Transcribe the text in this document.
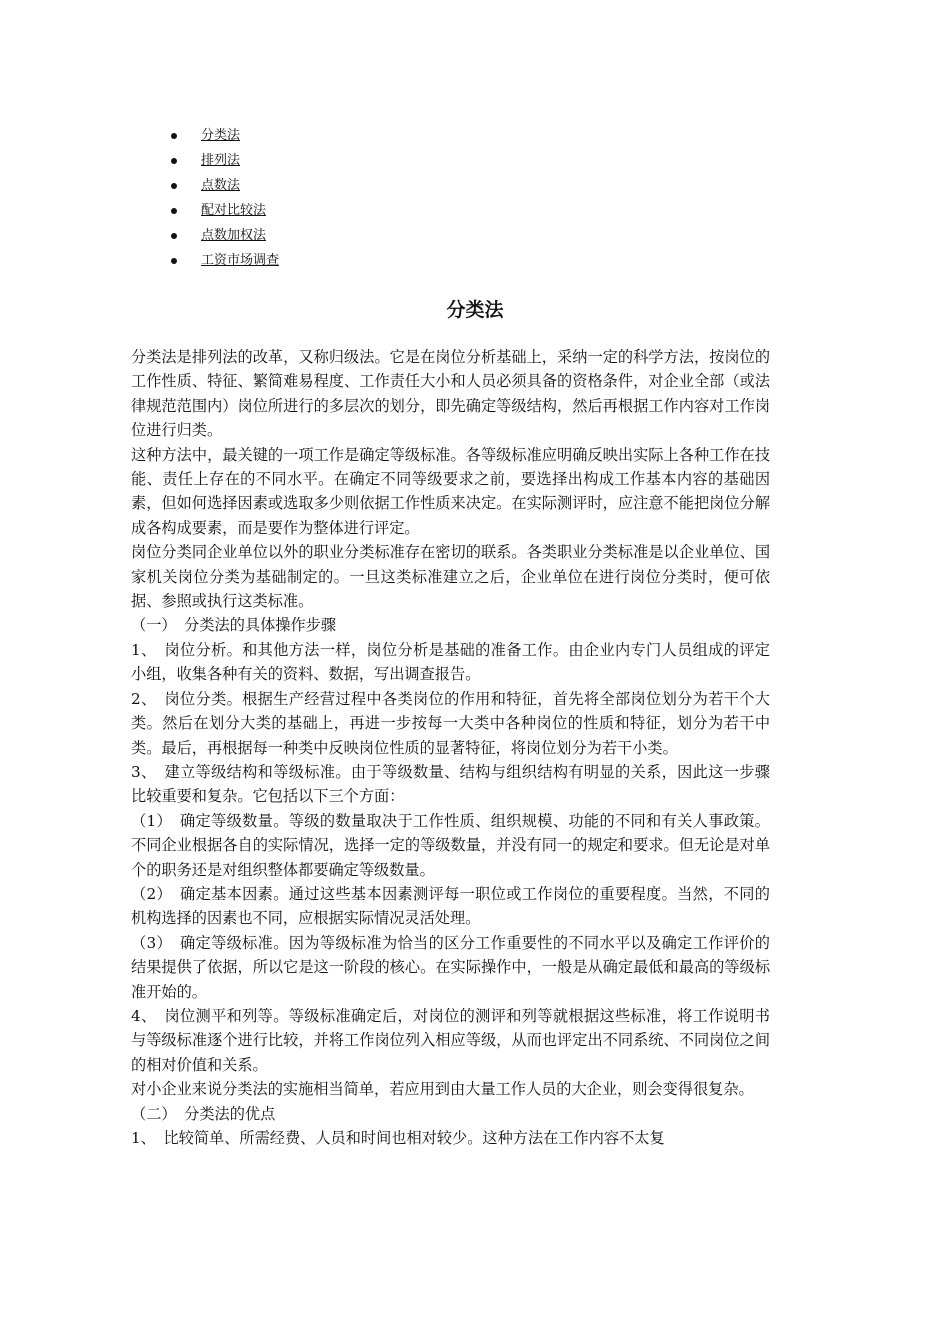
分类法
排列法
点数法
配对比较法
点数加权法
工资市场调查
分类法

分类法是排列法的改革，又称归级法。它是在岗位分析基础上，采纳一定的科学方法，按岗位的工作性质、特征、繁简难易程度、工作责任大小和人员必须具备的资格条件，对企业全部（或法律规范范围内）岗位所进行的多层次的划分，即先确定等级结构，然后再根据工作内容对工作岗位进行归类。

这种方法中，最关键的一项工作是确定等级标准。各等级标准应明确反映出实际上各种工作在技能、责任上存在的不同水平。在确定不同等级要求之前，要选择出构成工作基本内容的基础因素，但如何选择因素或选取多少则依据工作性质来决定。在实际测评时，应注意不能把岗位分解成各构成要素，而是要作为整体进行评定。

岗位分类同企业单位以外的职业分类标准存在密切的联系。各类职业分类标准是以企业单位、国家机关岗位分类为基础制定的。一旦这类标准建立之后，企业单位在进行岗位分类时，便可依据、参照或执行这类标准。

（一）　分类法的具体操作步骤

1、　岗位分析。和其他方法一样，岗位分析是基础的准备工作。由企业内专门人员组成的评定小组，收集各种有关的资料、数据，写出调查报告。

2、　岗位分类。根据生产经营过程中各类岗位的作用和特征，首先将全部岗位划分为若干个大类。然后在划分大类的基础上，再进一步按每一大类中各种岗位的性质和特征，划分为若干中类。最后，再根据每一种类中反映岗位性质的显著特征，将岗位划分为若干小类。

3、　建立等级结构和等级标准。由于等级数量、结构与组织结构有明显的关系，因此这一步骤比较重要和复杂。它包括以下三个方面：

（1）　确定等级数量。等级的数量取决于工作性质、组织规模、功能的不同和有关人事政策。不同企业根据各自的实际情况，选择一定的等级数量，并没有同一的规定和要求。但无论是对单个的职务还是对组织整体都要确定等级数量。

（2）　确定基本因素。通过这些基本因素测评每一职位或工作岗位的重要程度。当然，不同的机构选择的因素也不同，应根据实际情况灵活处理。

（3）　确定等级标准。因为等级标准为恰当的区分工作重要性的不同水平以及确定工作评价的结果提供了依据，所以它是这一阶段的核心。在实际操作中，一般是从确定最低和最高的等级标准开始的。

4、　岗位测平和列等。等级标准确定后，对岗位的测评和列等就根据这些标准，将工作说明书与等级标准逐个进行比较，并将工作岗位列入相应等级，从而也评定出不同系统、不同岗位之间的相对价值和关系。

对小企业来说分类法的实施相当简单，若应用到由大量工作人员的大企业，则会变得很复杂。

（二）　分类法的优点

1、　比较简单、所需经费、人员和时间也相对较少。这种方法在工作内容不太复
